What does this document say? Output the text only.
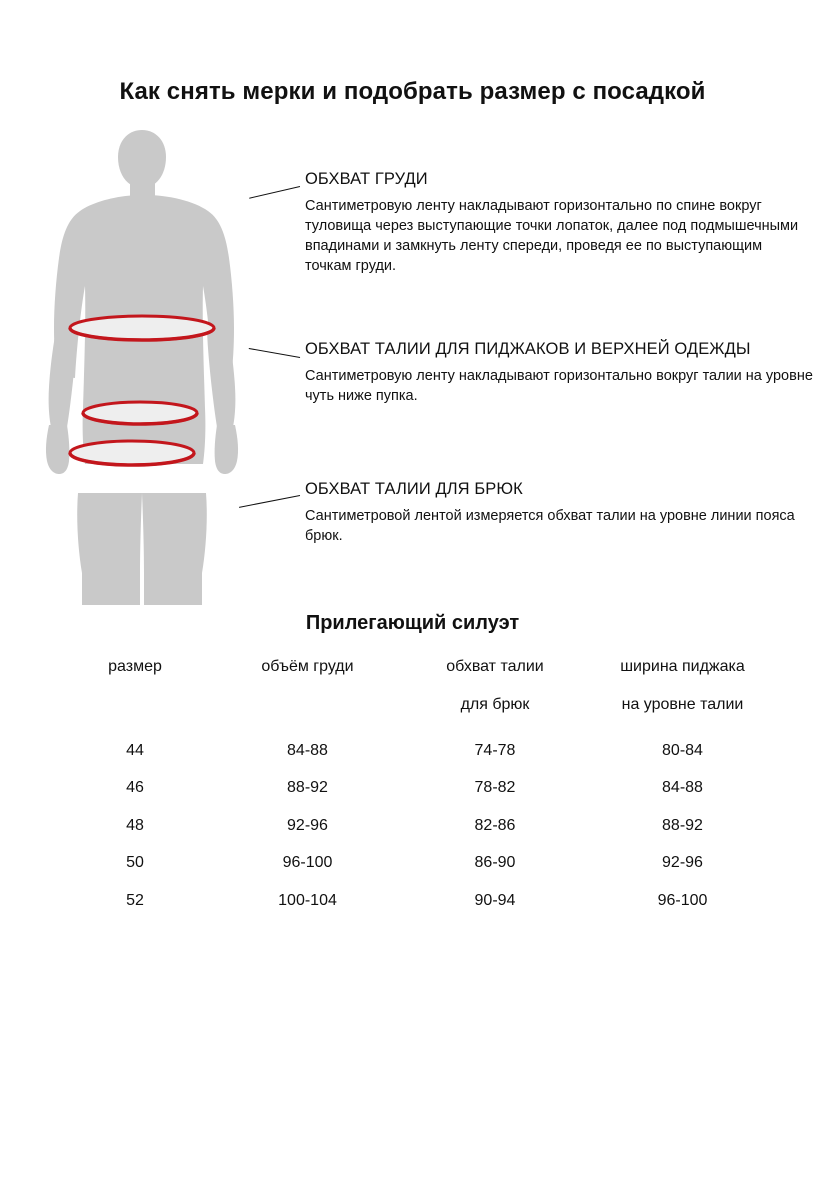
Как снять мерки и подобрать размер с посадкой
ОБХВАТ ГРУДИ
Сантиметровую ленту накладывают горизонтально по спине вокруг туловища через выступающие точки лопаток, далее под подмышечными впадинами и замкнуть ленту спереди, проведя ее по выступающим точкам груди.
ОБХВАТ ТАЛИИ ДЛЯ ПИДЖАКОВ И ВЕРХНЕЙ ОДЕЖДЫ
Сантиметровую ленту накладывают горизонтально вокруг талии на уровне чуть ниже пупка.
ОБХВАТ ТАЛИИ ДЛЯ БРЮК
Сантиметровой лентой измеряется обхват талии на уровне линии пояса брюк.
Прилегающий силуэт
размер	объём груди	обхват талии	ширина пиджака
		для брюк	на уровне талии
44	84-88	74-78	80-84
46	88-92	78-82	84-88
48	92-96	82-86	88-92
50	96-100	86-90	92-96
52	100-104	90-94	96-100
